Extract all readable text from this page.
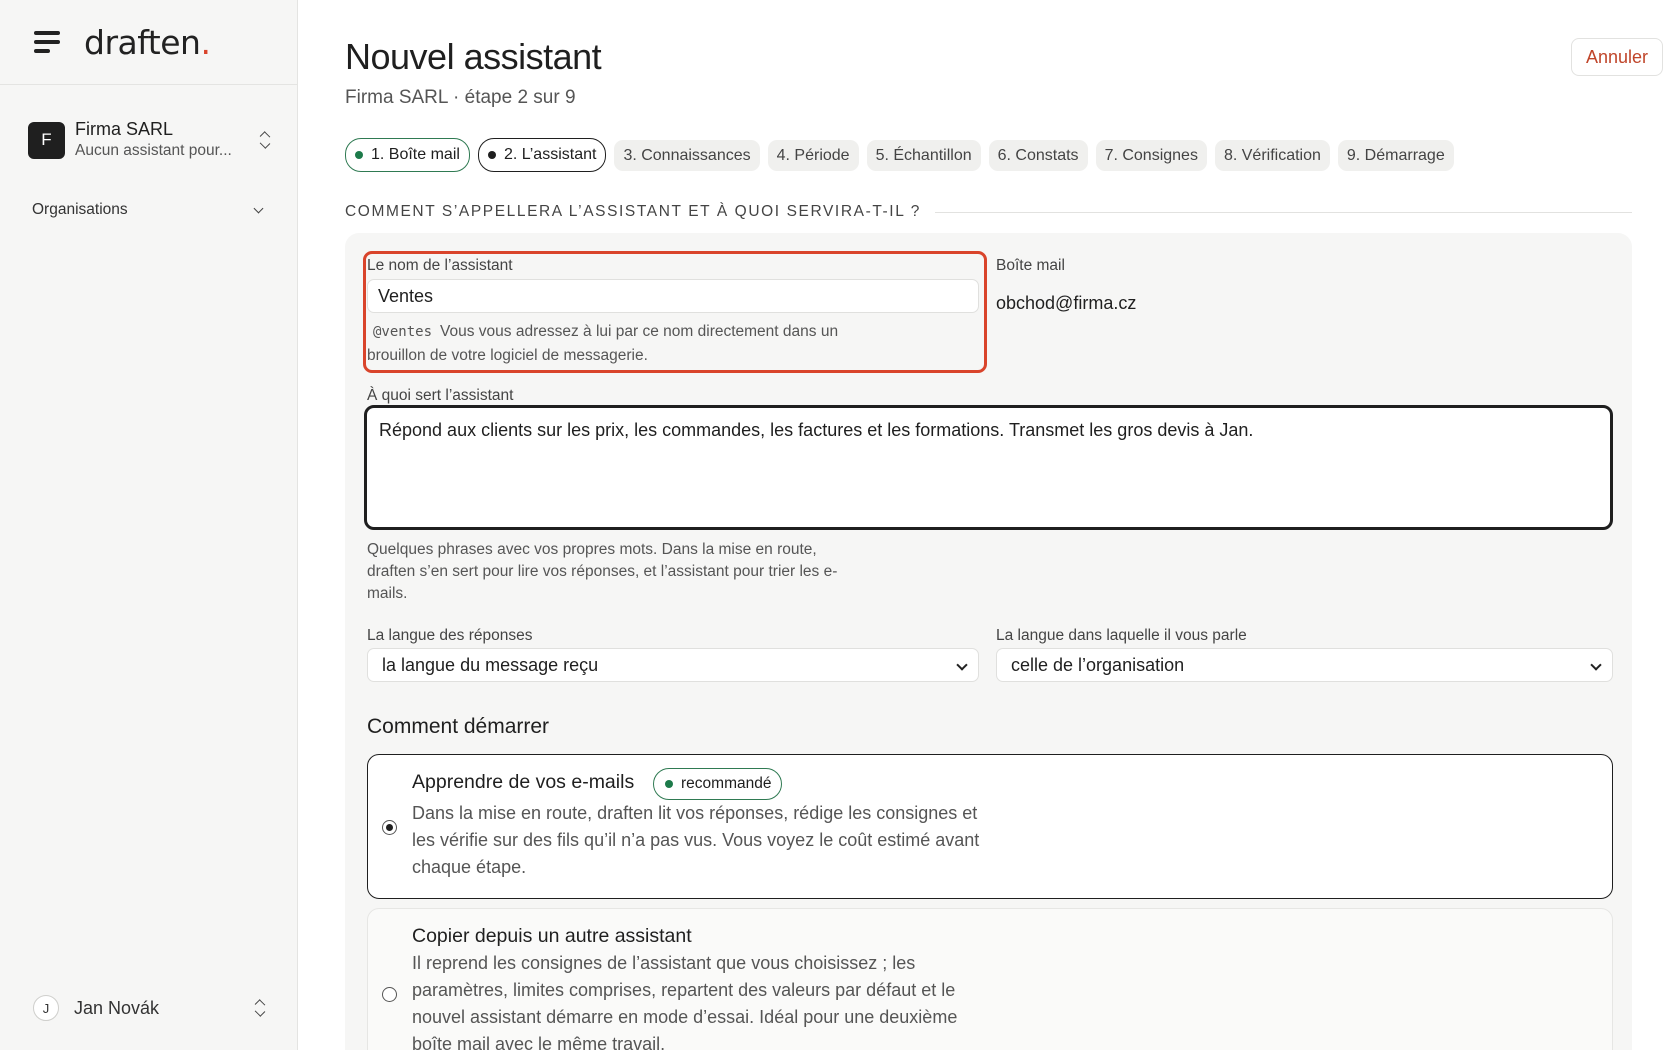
draften.
F
Firma SARL
Aucun assistant pour...
Organisations
J	Jan Novák
Nouvel assistant
Firma SARL · étape 2 sur 9
Annuler
1. Boîte mail	2. L’assistant	3. Connaissances	4. Période	5. Échantillon	6. Constats	7. Consignes	8. Vérification	9. Démarrage
COMMENT S’APPELLERA L’ASSISTANT ET À QUOI SERVIRA-T-IL ?
Le nom de l’assistant
Ventes
@ventes Vous vous adressez à lui par ce nom directement dans un
brouillon de votre logiciel de messagerie.
Boîte mail
obchod@firma.cz
À quoi sert l’assistant
Répond aux clients sur les prix, les commandes, les factures et les formations. Transmet les gros devis à Jan.
Quelques phrases avec vos propres mots. Dans la mise en route,
draften s’en sert pour lire vos réponses, et l’assistant pour trier les e-
mails.
La langue des réponses
la langue du message reçu
La langue dans laquelle il vous parle
celle de l’organisation
Comment démarrer
Apprendre de vos e-mails	recommandé
Dans la mise en route, draften lit vos réponses, rédige les consignes et
les vérifie sur des fils qu’il n’a pas vus. Vous voyez le coût estimé avant
chaque étape.
Copier depuis un autre assistant
Il reprend les consignes de l’assistant que vous choisissez ; les
paramètres, limites comprises, repartent des valeurs par défaut et le
nouvel assistant démarre en mode d’essai. Idéal pour une deuxième
boîte mail avec le même travail.
